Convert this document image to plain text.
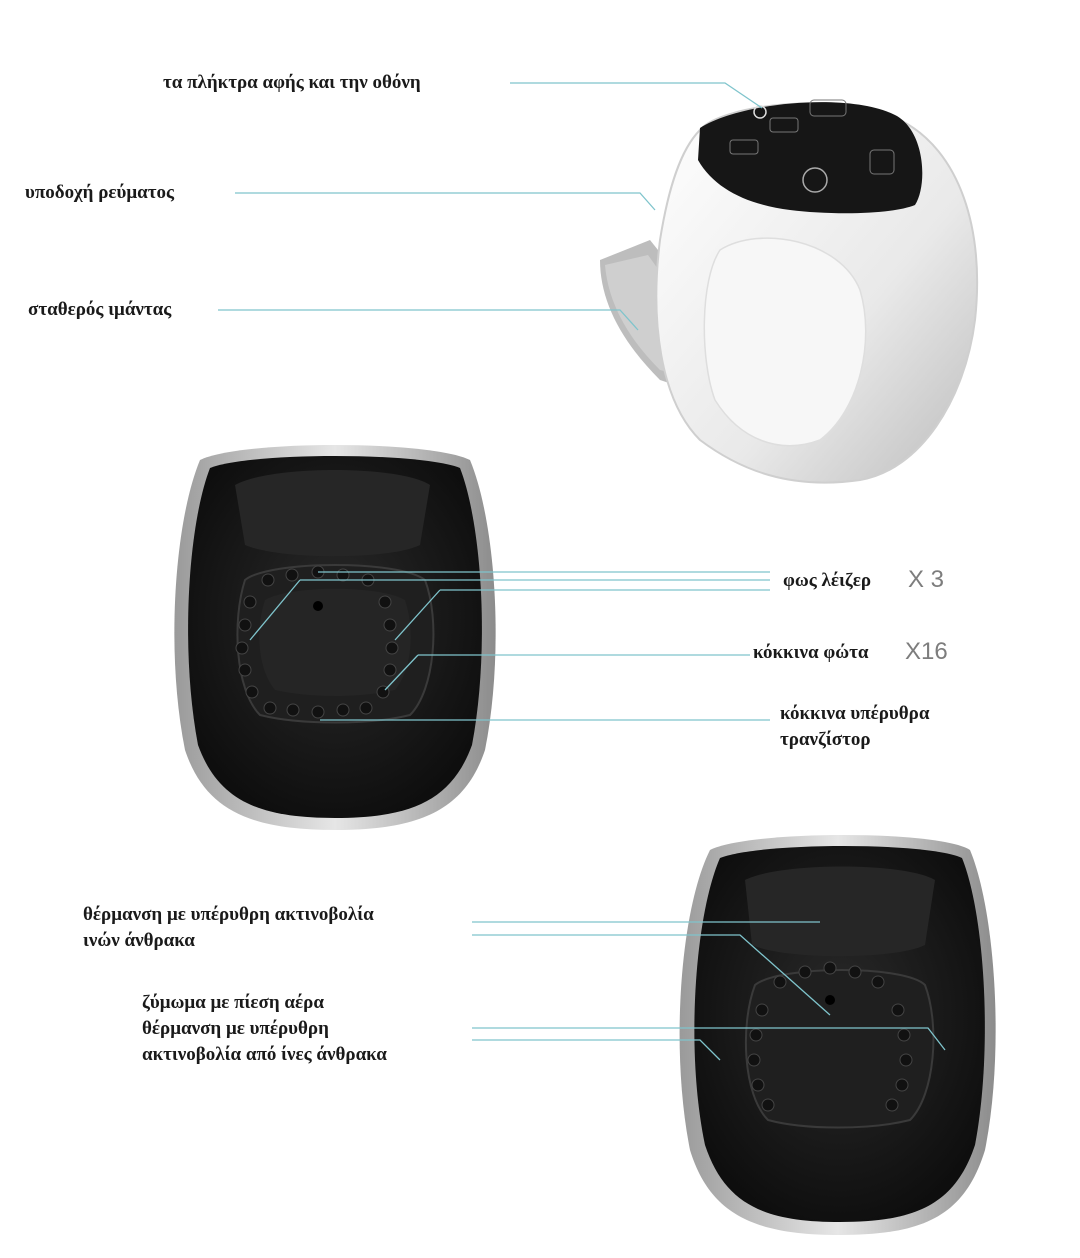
τα πλήκτρα αφής και την οθόνη
υποδοχή ρεύματος
σταθερός ιμάντας
φως λέιζερ X 3
κόκκινα φώτα X16
κόκκινα υπέρυθρα
τρανζίστορ
θέρμανση με υπέρυθρη ακτινοβολία
ινών άνθρακα
ζύμωμα με πίεση αέρα
θέρμανση με υπέρυθρη
ακτινοβολία από ίνες άνθρακα
